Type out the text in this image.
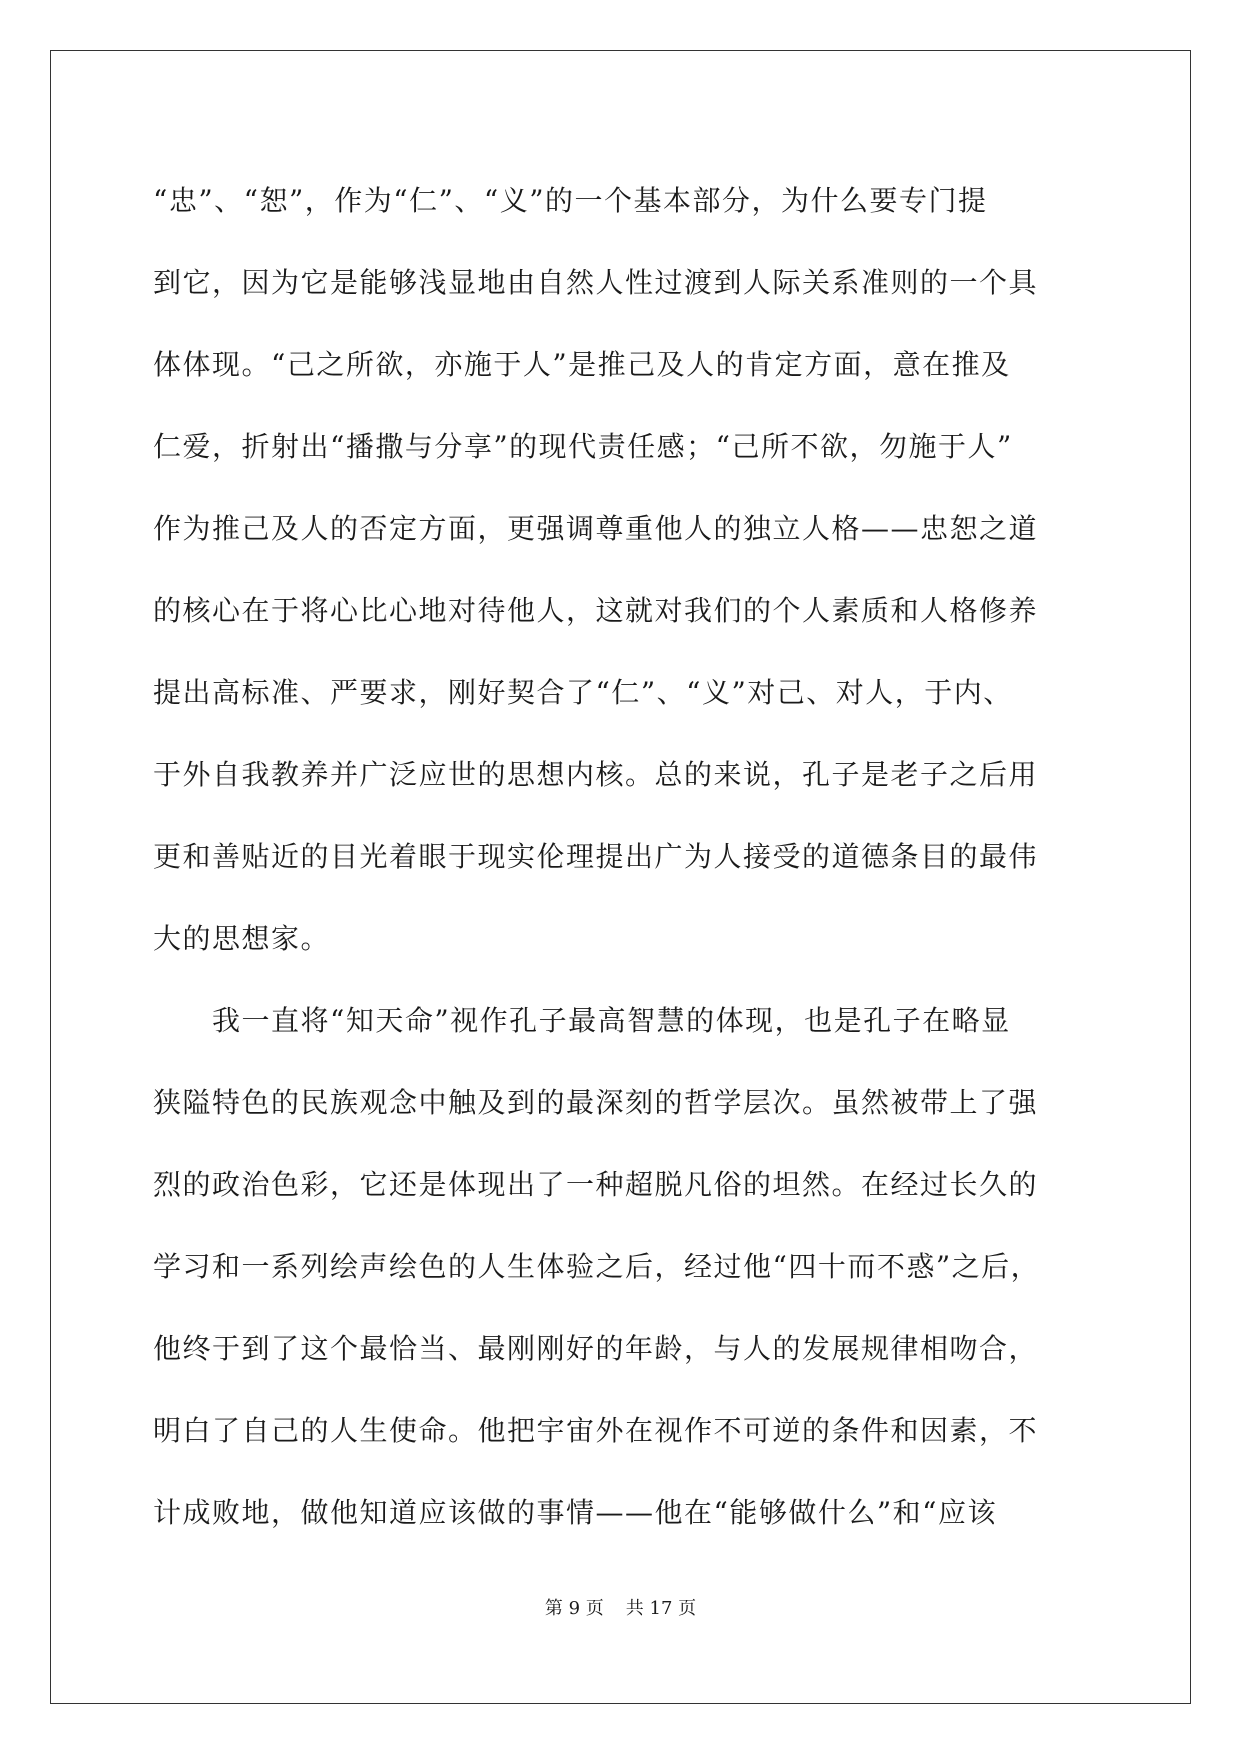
“忠”、“恕”，作为“仁”、“义”的一个基本部分，为什么要专门提
到它，因为它是能够浅显地由自然人性过渡到人际关系准则的一个具
体体现。“己之所欲，亦施于人”是推己及人的肯定方面，意在推及
仁爱，折射出“播撒与分享”的现代责任感；“己所不欲，勿施于人”
作为推己及人的否定方面，更强调尊重他人的独立人格——忠恕之道
的核心在于将心比心地对待他人，这就对我们的个人素质和人格修养
提出高标准、严要求，刚好契合了“仁”、“义”对己、对人，于内、
于外自我教养并广泛应世的思想内核。总的来说，孔子是老子之后用
更和善贴近的目光着眼于现实伦理提出广为人接受的道德条目的最伟
大的思想家。
　　我一直将“知天命”视作孔子最高智慧的体现，也是孔子在略显
狭隘特色的民族观念中触及到的最深刻的哲学层次。虽然被带上了强
烈的政治色彩，它还是体现出了一种超脱凡俗的坦然。在经过长久的
学习和一系列绘声绘色的人生体验之后，经过他“四十而不惑”之后，
他终于到了这个最恰当、最刚刚好的年龄，与人的发展规律相吻合，
明白了自己的人生使命。他把宇宙外在视作不可逆的条件和因素，不
计成败地，做他知道应该做的事情——他在“能够做什么”和“应该
第 9 页 共 17 页
